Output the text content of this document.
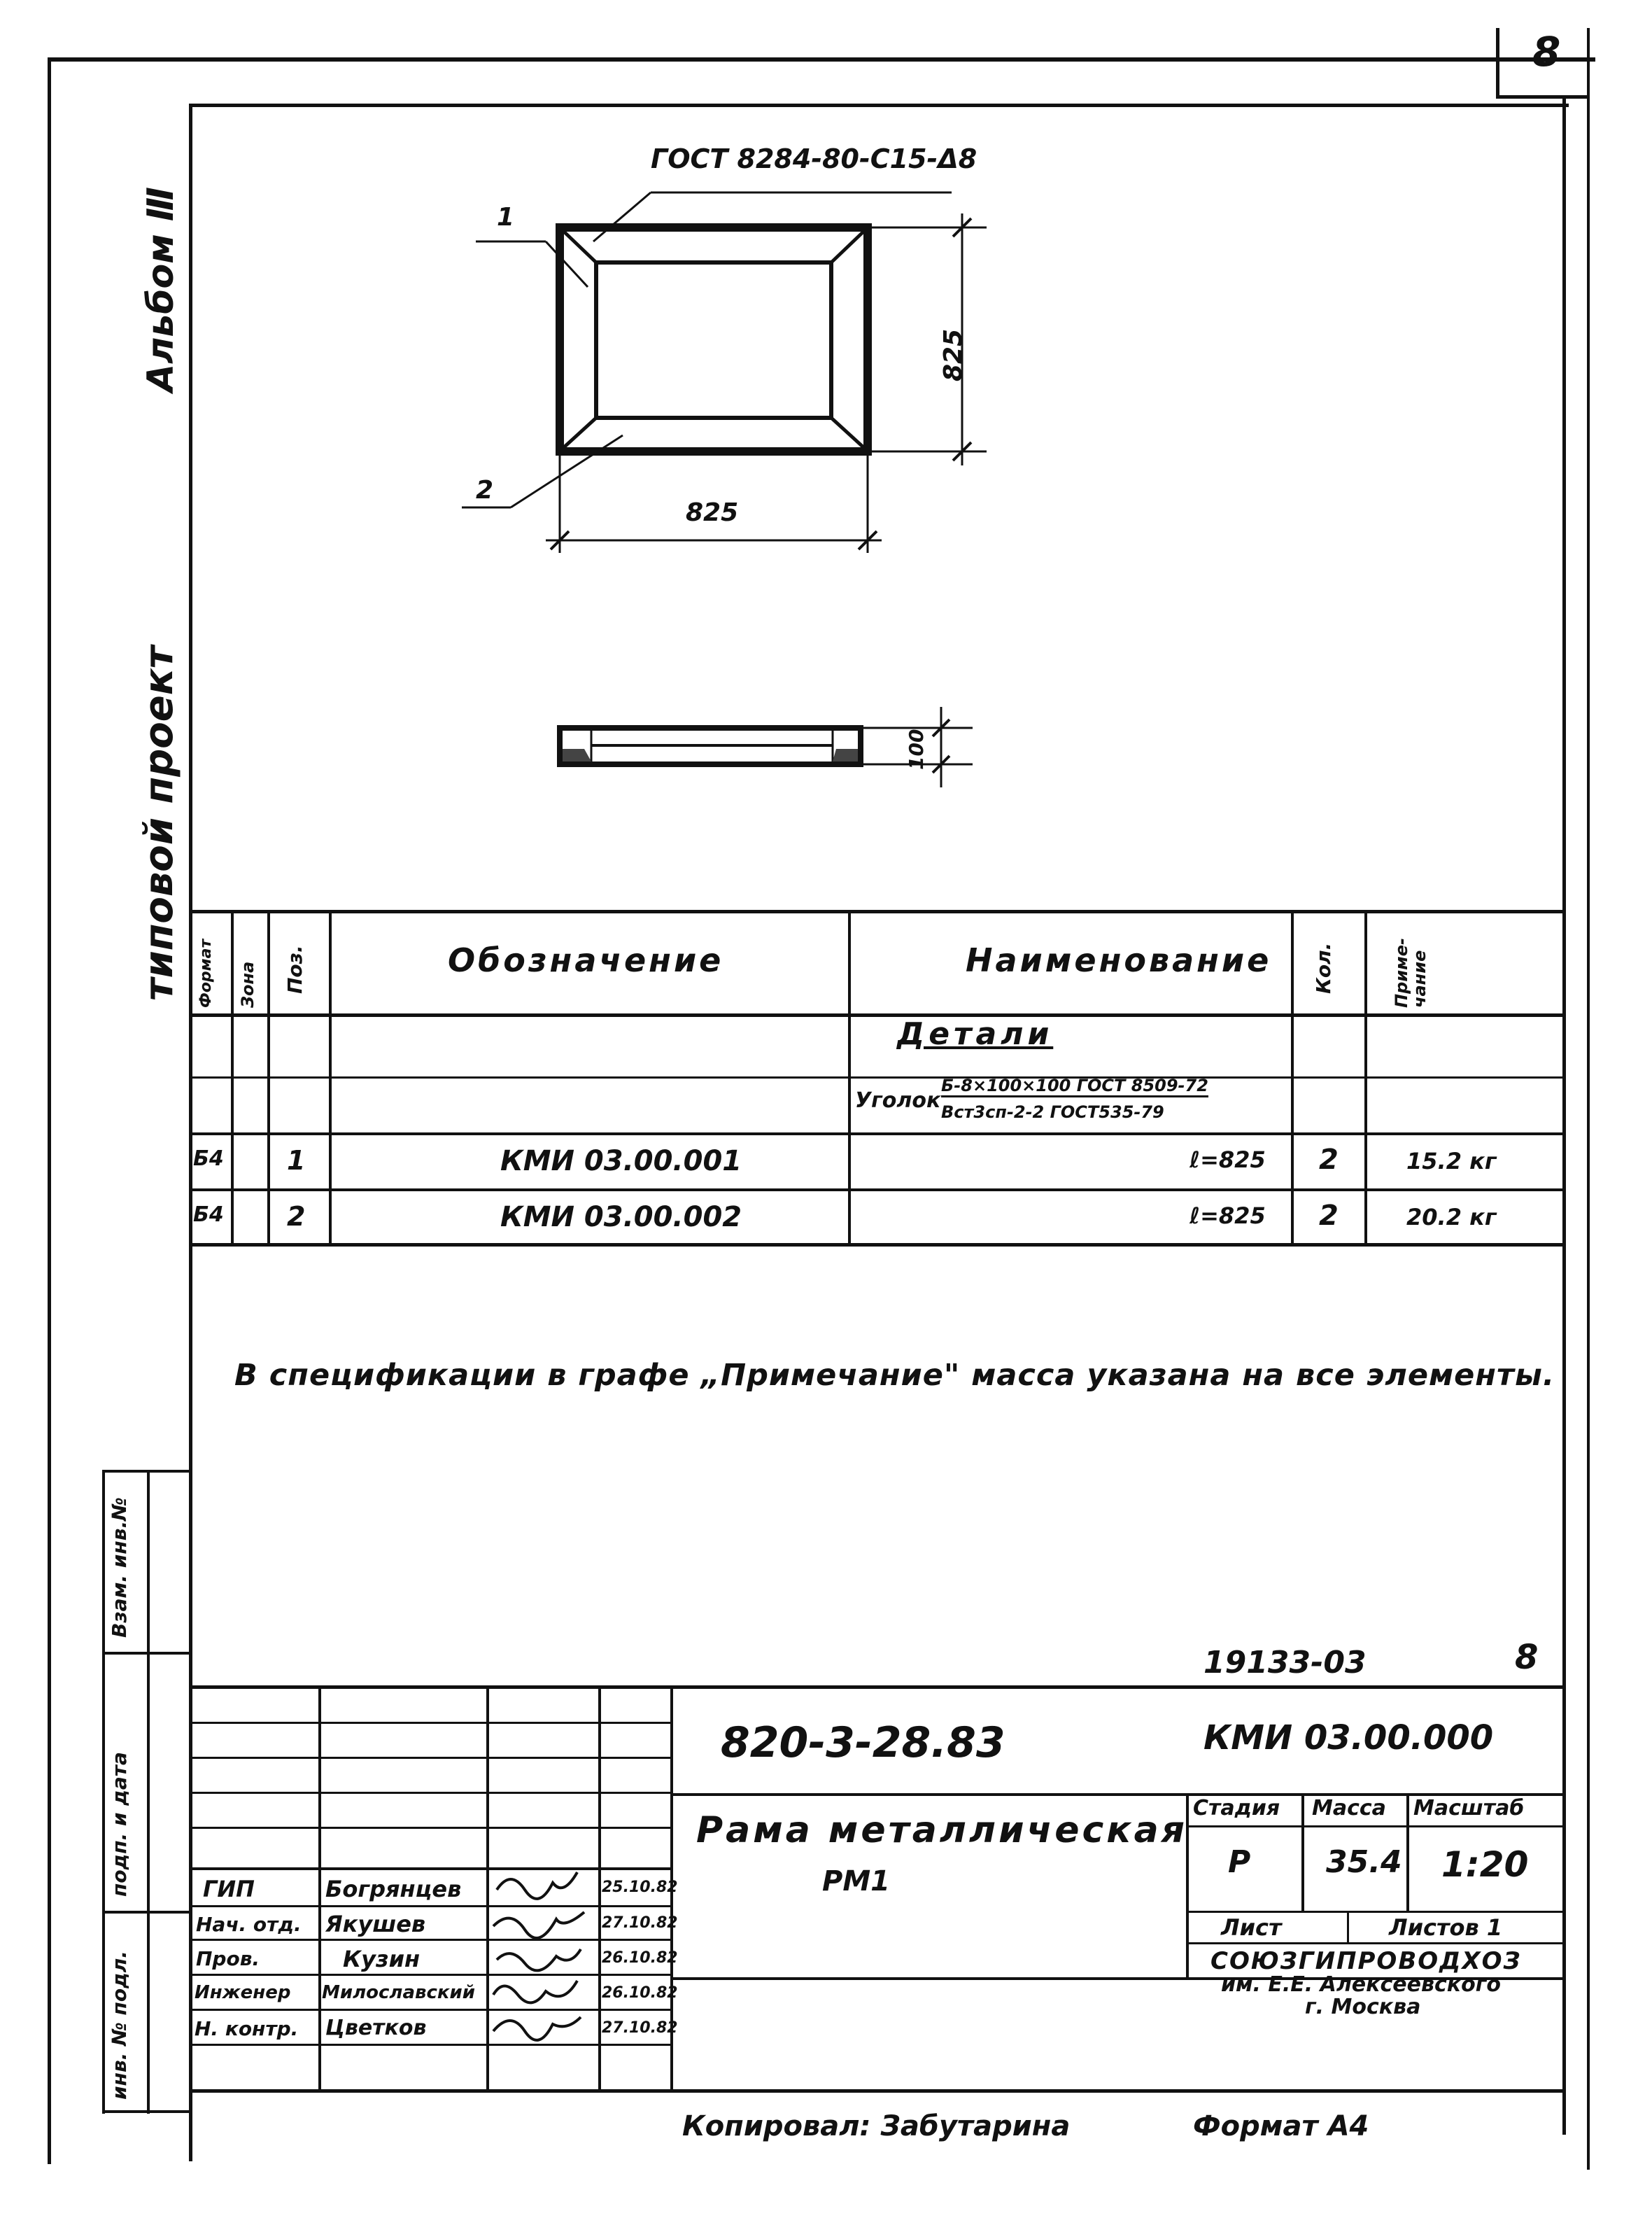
8
Альбом Ⅲ
типовой проект
Взам. инв.№
подп. и дата
инв. № подл.
ГОСТ 8284-80-С15-Δ8
1
2
825
825
100
Формат Зона Поз.	Обозначение	Наименование Кол.	Приме-чание
Детали
Уголок
Б-8×100×100 ГОСТ 8509-72
Вст3сп-2-2 ГОСТ535-79
Б4 1	КМИ 03.00.001	ℓ=825 2	15.2 кг
Б4 2	КМИ 03.00.002	ℓ=825 2	20.2 кг
В спецификации в графе „Примечание" масса указана на все элементы.
19133-03	8
820-3-28.83	КМИ 03.00.000
Рама металлическая
РМ1
Стадия Масса Масштаб
Р 35.4 1:20
Лист	Листов 1
СОЮЗГИПРОВОДХОЗ
им. Е.Е. Алексеевского
г. Москва
ГИП	Богрянцев	25.10.82
Нач. отд. Якушев	27.10.82
Пров.	Кузин	26.10.82
Инженер Милославский	26.10.82
Н. контр. Цветков	27.10.82
Копировал: Забутарина	Формат А4
